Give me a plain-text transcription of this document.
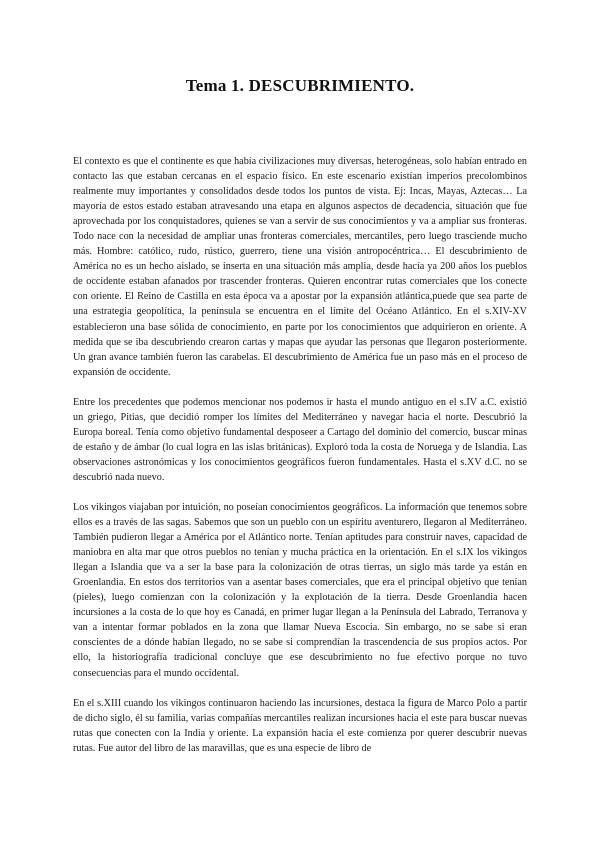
Tema 1. DESCUBRIMIENTO.

El contexto es que el continente es que había civilizaciones muy diversas, heterogéneas, solo habían entrado en contacto las que estaban cercanas en el espacio físico. En este escenario existían imperios precolombinos realmente muy importantes y consolidados desde todos los puntos de vista. Ej: Incas, Mayas, Aztecas… La mayoría de estos estado estaban atravesando una etapa en algunos aspectos de decadencia, situación que fue aprovechada por los conquistadores, quienes se van a servir de sus conocimientos y va a ampliar sus fronteras. Todo nace con la necesidad de ampliar unas fronteras comerciales, mercantiles, pero luego trasciende mucho más. Hombre: católico, rudo, rústico, guerrero, tiene una visión antropocéntrica… El descubrimiento de América no es un hecho aislado, se inserta en una situación más amplia, desde hacía ya 200 años los pueblos de occidente estaban afanados por trascender fronteras. Quieren encontrar rutas comerciales que los conecte con oriente. El Reino de Castilla en esta época va a apostar por la expansión atlántica,puede que sea parte de una estrategia geopolítica, la península se encuentra en el límite del Océano Atlántico. En el s.XIV-XV establecieron una base sólida de conocimiento, en parte por los conocimientos que adquirieron en oriente. A medida que se iba descubriendo crearon cartas y mapas que ayudar las personas que llegaron posteriormente. Un gran avance también fueron las carabelas. El descubrimiento de América fue un paso más en el proceso de expansión de occidente.

Entre los precedentes que podemos mencionar nos podemos ir hasta el mundo antiguo en el s.IV a.C. existió un griego, Pitias, que decidió romper los límites del Mediterráneo y navegar hacia el norte. Descubrió la Europa boreal. Tenía como objetivo fundamental desposeer a Cartago del dominio del comercio, buscar minas de estaño y de ámbar (lo cual logra en las islas británicas). Exploró toda la costa de Noruega y de Islandia. Las observaciones astronómicas y los conocimientos geográficos fueron fundamentales. Hasta el s.XV d.C. no se descubrió nada nuevo.

Los vikingos viajaban por intuición, no poseían conocimientos geográficos. La información que tenemos sobre ellos es a través de las sagas. Sabemos que son un pueblo con un espíritu aventurero, llegaron al Mediterráneo. También pudieron llegar a América por el Atlántico norte. Tenían aptitudes para construir naves, capacidad de maniobra en alta mar que otros pueblos no tenían y mucha práctica en la orientación. En el s.IX los vikingos llegan a Islandia que va a ser la base para la colonización de otras tierras, un siglo más tarde ya están en Groenlandia. En estos dos territorios van a asentar bases comerciales, que era el principal objetivo que tenían (pieles), luego comienzan con la colonización y la explotación de la tierra. Desde Groenlandia hacen incursiones a la costa de lo que hoy es Canadá, en primer lugar llegan a la Península del Labrado, Terranova y van a intentar formar poblados en la zona que llamar Nueva Escocia. Sin embargo, no se sabe si eran conscientes de a dónde habían llegado, no se sabe si comprendían la trascendencia de sus propios actos. Por ello, la historiografía tradicional concluye que ese descubrimiento no fue efectivo porque no tuvo consecuencias para el mundo occidental.

En el s.XIII cuando los vikingos continuaron haciendo las incursiones, destaca la figura de Marco Polo a partir de dicho siglo, él su familia, varias compañías mercantiles realizan incursiones hacia el este para buscar nuevas rutas que conecten con la India y oriente. La expansión hacia el este comienza por querer descubrir nuevas rutas. Fue autor del libro de las maravillas, que es una especie de libro de
